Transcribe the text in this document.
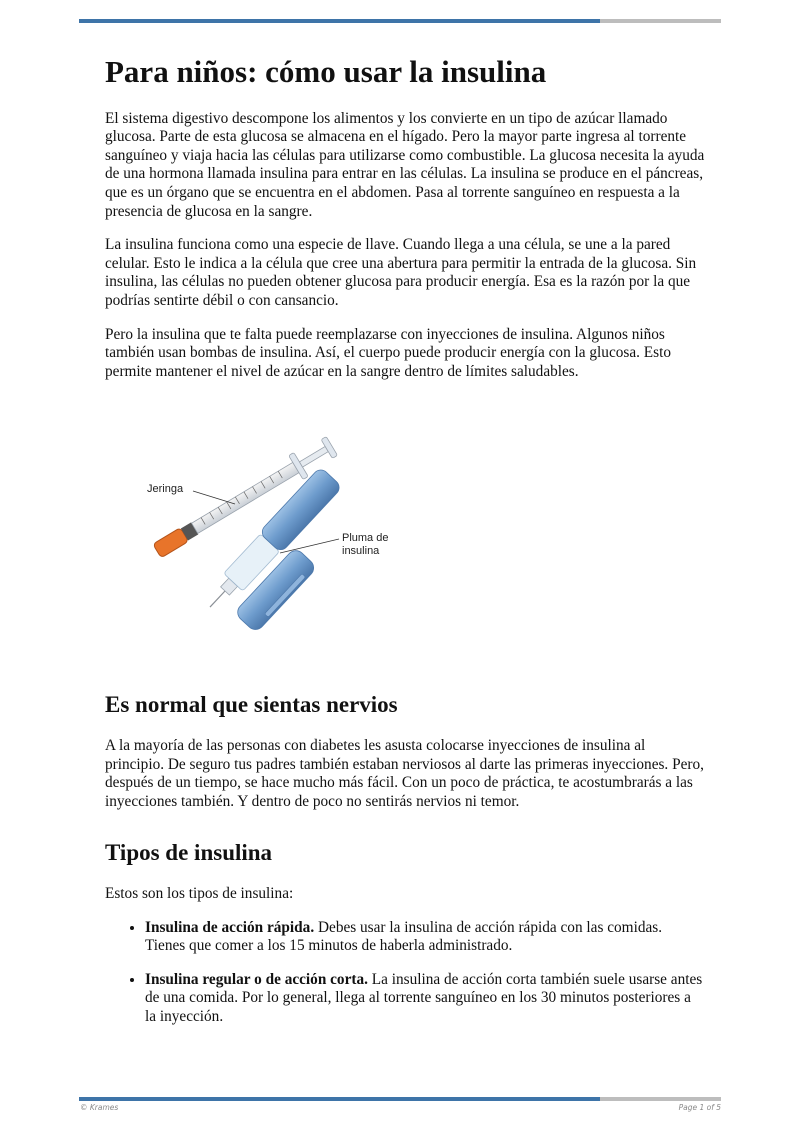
Para niños: cómo usar la insulina

El sistema digestivo descompone los alimentos y los convierte en un tipo de azúcar llamado glucosa. Parte de esta glucosa se almacena en el hígado. Pero la mayor parte ingresa al torrente sanguíneo y viaja hacia las células para utilizarse como combustible. La glucosa necesita la ayuda de una hormona llamada insulina para entrar en las células. La insulina se produce en el páncreas, que es un órgano que se encuentra en el abdomen. Pasa al torrente sanguíneo en respuesta a la presencia de glucosa en la sangre.

La insulina funciona como una especie de llave. Cuando llega a una célula, se une a la pared celular. Esto le indica a la célula que cree una abertura para permitir la entrada de la glucosa. Sin insulina, las células no pueden obtener glucosa para producir energía. Esa es la razón por la que podrías sentirte débil o con cansancio.

Pero la insulina que te falta puede reemplazarse con inyecciones de insulina. Algunos niños también usan bombas de insulina. Así, el cuerpo puede producir energía con la glucosa. Esto permite mantener el nivel de azúcar en la sangre dentro de límites saludables.

Jeringa
Pluma de
insulina
Es normal que sientas nervios

A la mayoría de las personas con diabetes les asusta colocarse inyecciones de insulina al principio. De seguro tus padres también estaban nerviosos al darte las primeras inyecciones. Pero, después de un tiempo, se hace mucho más fácil. Con un poco de práctica, te acostumbrarás a las inyecciones también. Y dentro de poco no sentirás nervios ni temor.

Tipos de insulina

Estos son los tipos de insulina:

• Insulina de acción rápida. Debes usar la insulina de acción rápida con las comidas. Tienes que comer a los 15 minutos de haberla administrado.
• Insulina regular o de acción corta. La insulina de acción corta también suele usarse antes de una comida. Por lo general, llega al torrente sanguíneo en los 30 minutos posteriores a la inyección.
© Krames	Page 1 of 5
